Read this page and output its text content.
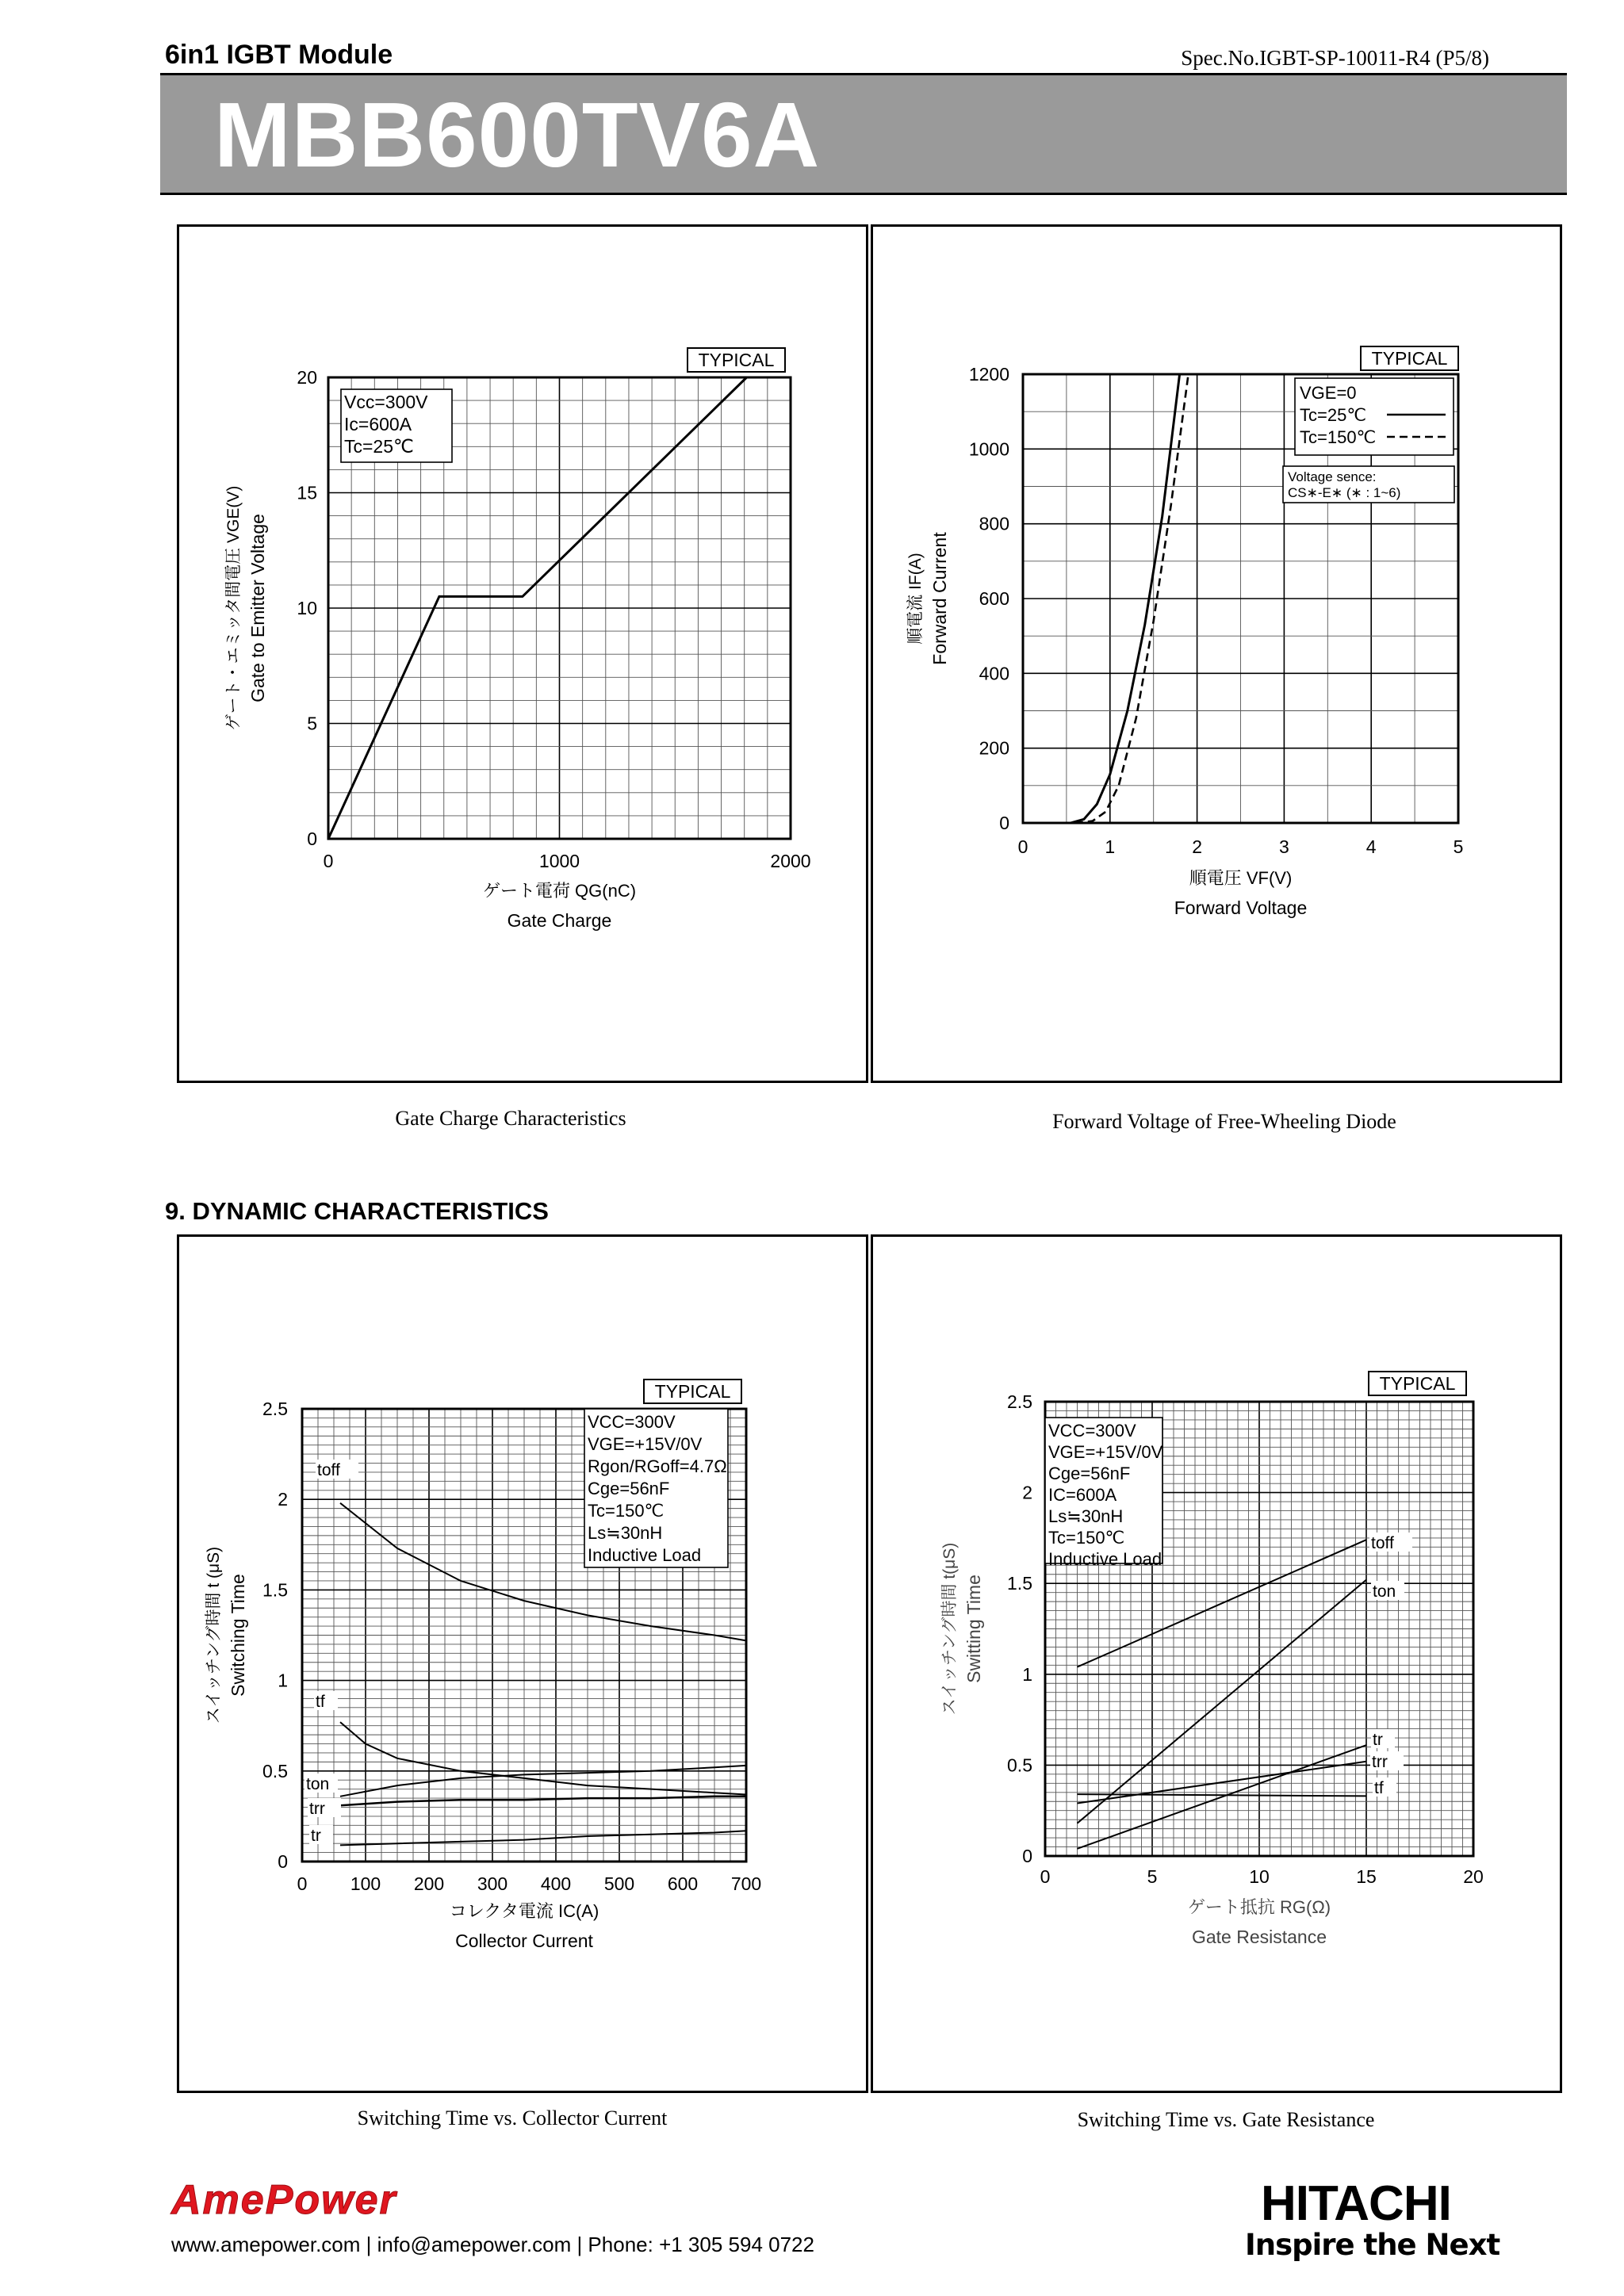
6in1 IGBT Module	Spec.No.IGBT-SP-10011-R4 (P5/8)
MBB600TV6A
0	1000	2000
0
5
10
15
20
ゲート電荷 QG(nC)
Gate Charge
ゲート・エミッタ間電圧 VGE(V) Gate to Emitter Voltage
TYPICAL
Vcc=300V
Ic=600A
Tc=25℃
0	1	2	3	4	5
0
200
400
600
800
1000
1200
順電圧 VF(V)
Forward Voltage
順電流 IF(A) Forward Current
TYPICAL
VGE=0
Tc=25℃
Tc=150℃
Voltage sence:
CS∗-E∗ (∗ : 1~6)
0 100 200 300 400 500 600 700
0
0.5
1
1.5
2
2.5
コレクタ電流 IC(A)
Collector Current
スイッチング時間 t (μS) Switching Time
TYPICAL
VCC=300V
VGE=+15V/0V
Rgon/RGoff=4.7Ω
Cge=56nF
Tc=150℃
Ls≒30nH
Inductive Load
toff
tf
ton
trr
tr
0	5	10	15	20
0
0.5
1
1.5
2
2.5
ゲート抵抗 RG(Ω)
Gate Resistance
スイッチング時間 t(μS) Switting Time
TYPICAL
VCC=300V
VGE=+15V/0V
Cge=56nF
IC=600A
Ls≒30nH
Tc=150℃
Inductive Load
toff
ton
tr
trr
tf
Gate Charge Characteristics	Forward Voltage of Free-Wheeling Diode
Switching Time vs. Collector Current	Switching Time vs. Gate Resistance
9. DYNAMIC CHARACTERISTICS
AmePower
www.amepower.com | info@amepower.com | Phone: +1 305 594 0722
HITACHI
Inspire the Next
